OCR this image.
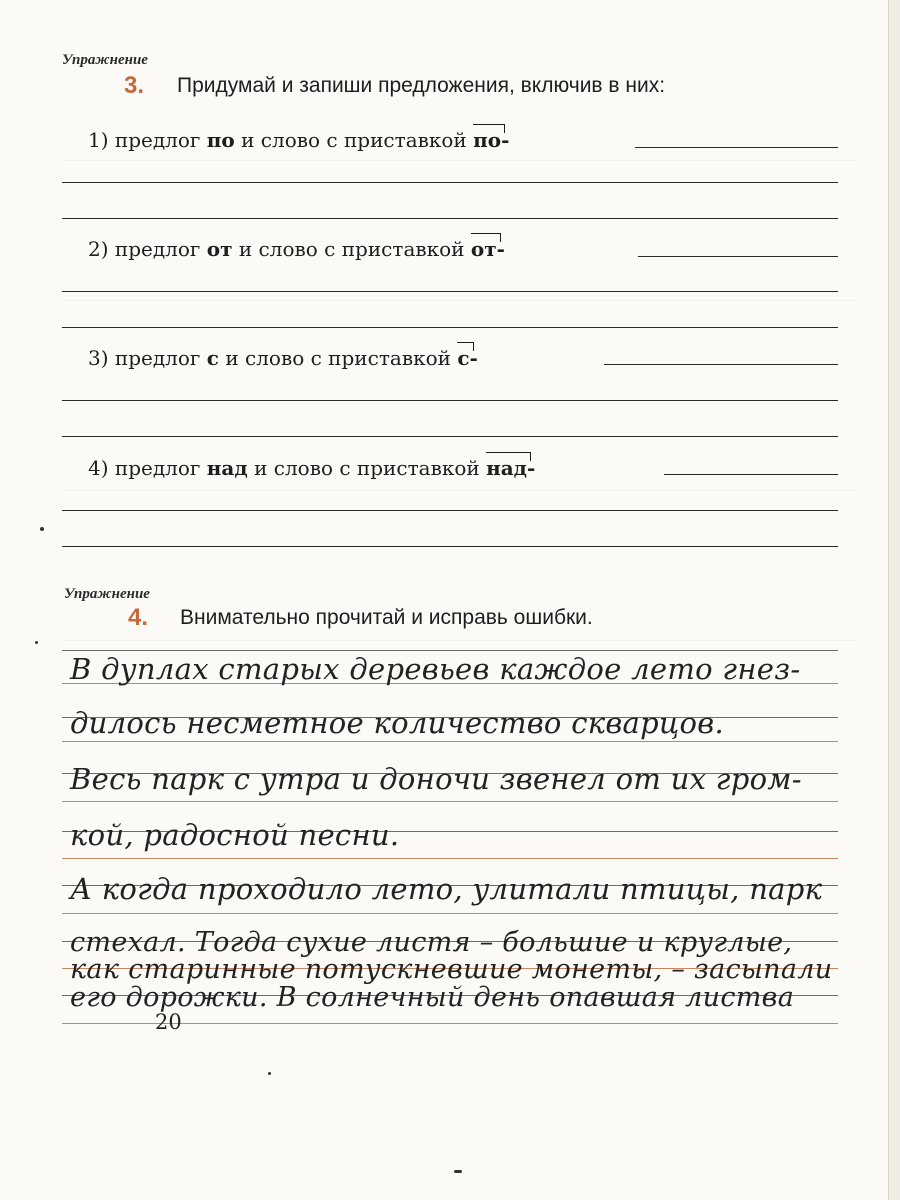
Упражнение
3. Придумай и запиши предложения, включив в них:
1) предлог по и слово с приставкой по
-
2) предлог от и слово с приставкой от
-
3) предлог с и слово с приставкой с
-
4) предлог над и слово с приставкой над
-
Упражнение
4. Внимательно прочитай и исправь ошибки.
В дуплах старых деревьев каждое лето гнез-
дилось несметное количество скварцов.
Весь парк с утра и доночи звенел от их гром-
кой, радосной песни.
А когда проходило лето, улитали птицы, парк
стехал. Тогда сухие листя – большие и круглые,
как старинные потускневшие монеты, – засыпали
его дорожки. В солнечный день опавшая листва
20
